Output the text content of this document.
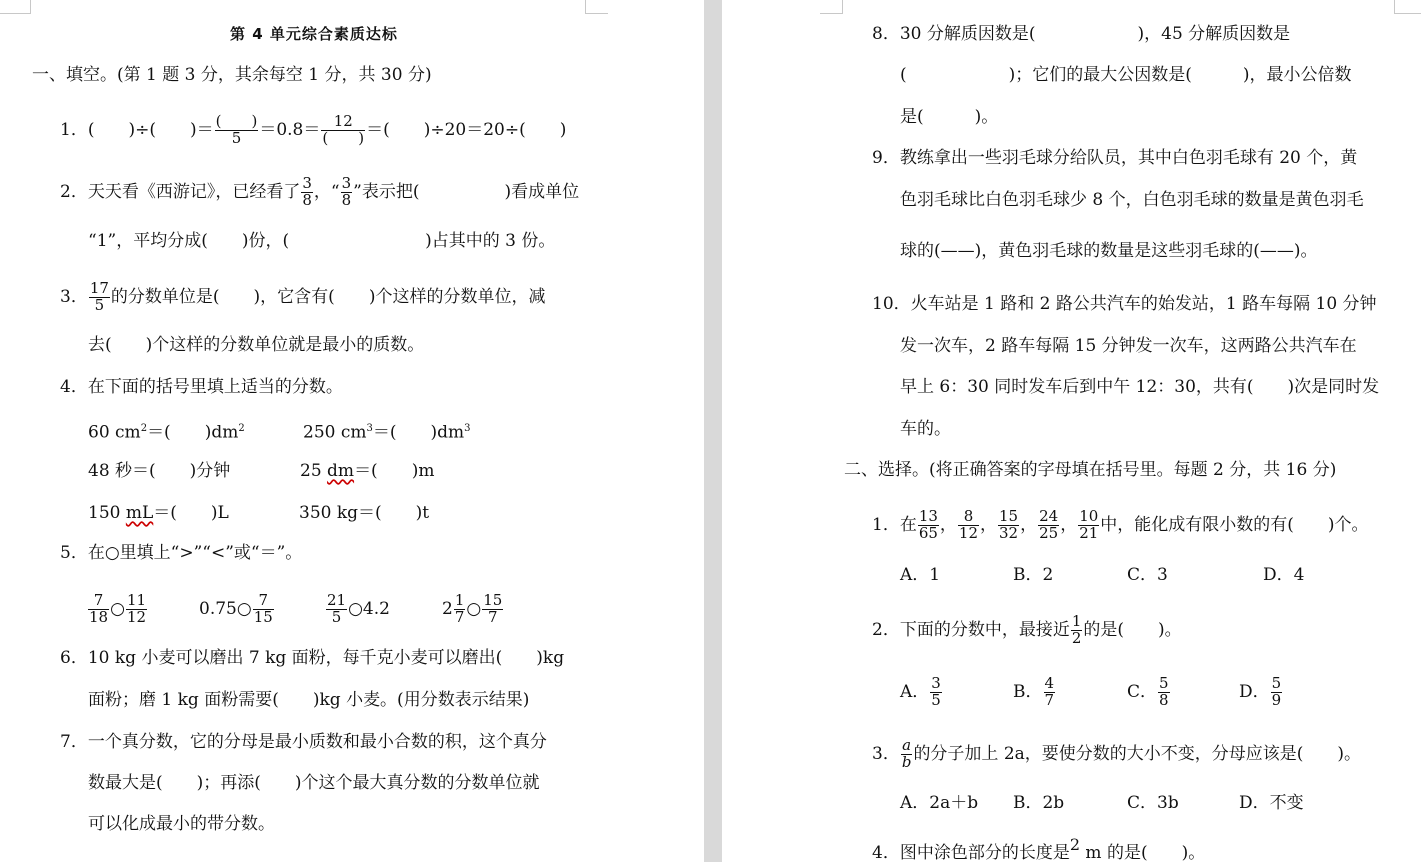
第 4 单元综合素质达标
一、填空。(第 1 题 3 分，其余每空 1 分，共 30 分)
1．(　　)÷(　　)＝ $\frac{( )}{5} =0.8= \frac{12}{( )}$ ＝(　　)÷20＝20÷(　　)
2．天天看《西游记》，已经看了 $\frac{3}{8}$ ，“ $\frac{3}{8}$ ”表示把(　　　　　)看成单位
“1”，平均分成(　　)份，(　　　　　　　　)占其中的 3 份。
3． $\frac{17}{5}$ 的分数单位是(　　)，它含有(　　)个这样的分数单位，减
去(　　)个这样的分数单位就是最小的质数。
4．在下面的括号里填上适当的分数。
60 $cm^2=$(　　)$dm^2$	250 $cm^3=$(　　)$dm^3$
48 秒＝(　　)分钟	25 dm＝(　　)m
150 mL＝(　　)L	350 kg＝(　　)t
5．在○里填上“>”“<”或“＝”。
$\frac{7}{18}$ ○ $\frac{11}{12}$	0.75○ $\frac{7}{15}$	$\frac{21}{5}$ ○4.2	$2 \frac{1}{7}$ ○ $\frac{15}{7}$
6．10 kg 小麦可以磨出 7 kg 面粉，每千克小麦可以磨出(　　)kg
面粉；磨 1 kg 面粉需要(　　)kg 小麦。(用分数表示结果)
7．一个真分数，它的分母是最小质数和最小合数的积，这个真分
数最大是(　　)；再添(　　)个这个最大真分数的分数单位就
可以化成最小的带分数。
8．30 分解质因数是(　　　　　　)，45 分解质因数是
(　　　　　　)；它们的最大公因数是(　　　)，最小公倍数
是(　　　)。
9．教练拿出一些羽毛球分给队员，其中白色羽毛球有 20 个，黄
色羽毛球比白色羽毛球少 8 个，白色羽毛球的数量是黄色羽毛
球的(——)，黄色羽毛球的数量是这些羽毛球的(——)。
10．火车站是 1 路和 2 路公共汽车的始发站，1 路车每隔 10 分钟
发一次车，2 路车每隔 15 分钟发一次车，这两路公共汽车在
早上 6：30 同时发车后到中午 12：30，共有(　　)次是同时发
车的。
二、选择。(将正确答案的字母填在括号里。每题 2 分，共 16 分)
1．在 $\frac{13}{65}$ ， $\frac{8}{12}$ ， $\frac{15}{32}$ ， $\frac{24}{25}$ ， $\frac{10}{21}$ 中，能化成有限小数的有(　　)个。
A．1	B．2	C．3	D．4
2．下面的分数中，最接近 $\frac{1}{2}$ 的是(　　)。
A． $\frac{3}{5}$	B． $\frac{4}{7}$	C． $\frac{5}{8}$	D． $\frac{5}{9}$
3． $\frac{a}{b}$ 的分子加上 2a，要使分数的大小不变，分母应该是(　　)。
A．2a＋b B．2b	C．3b	D．不变
4．图中涂色部分的长度是2 m 的是(　　)。
